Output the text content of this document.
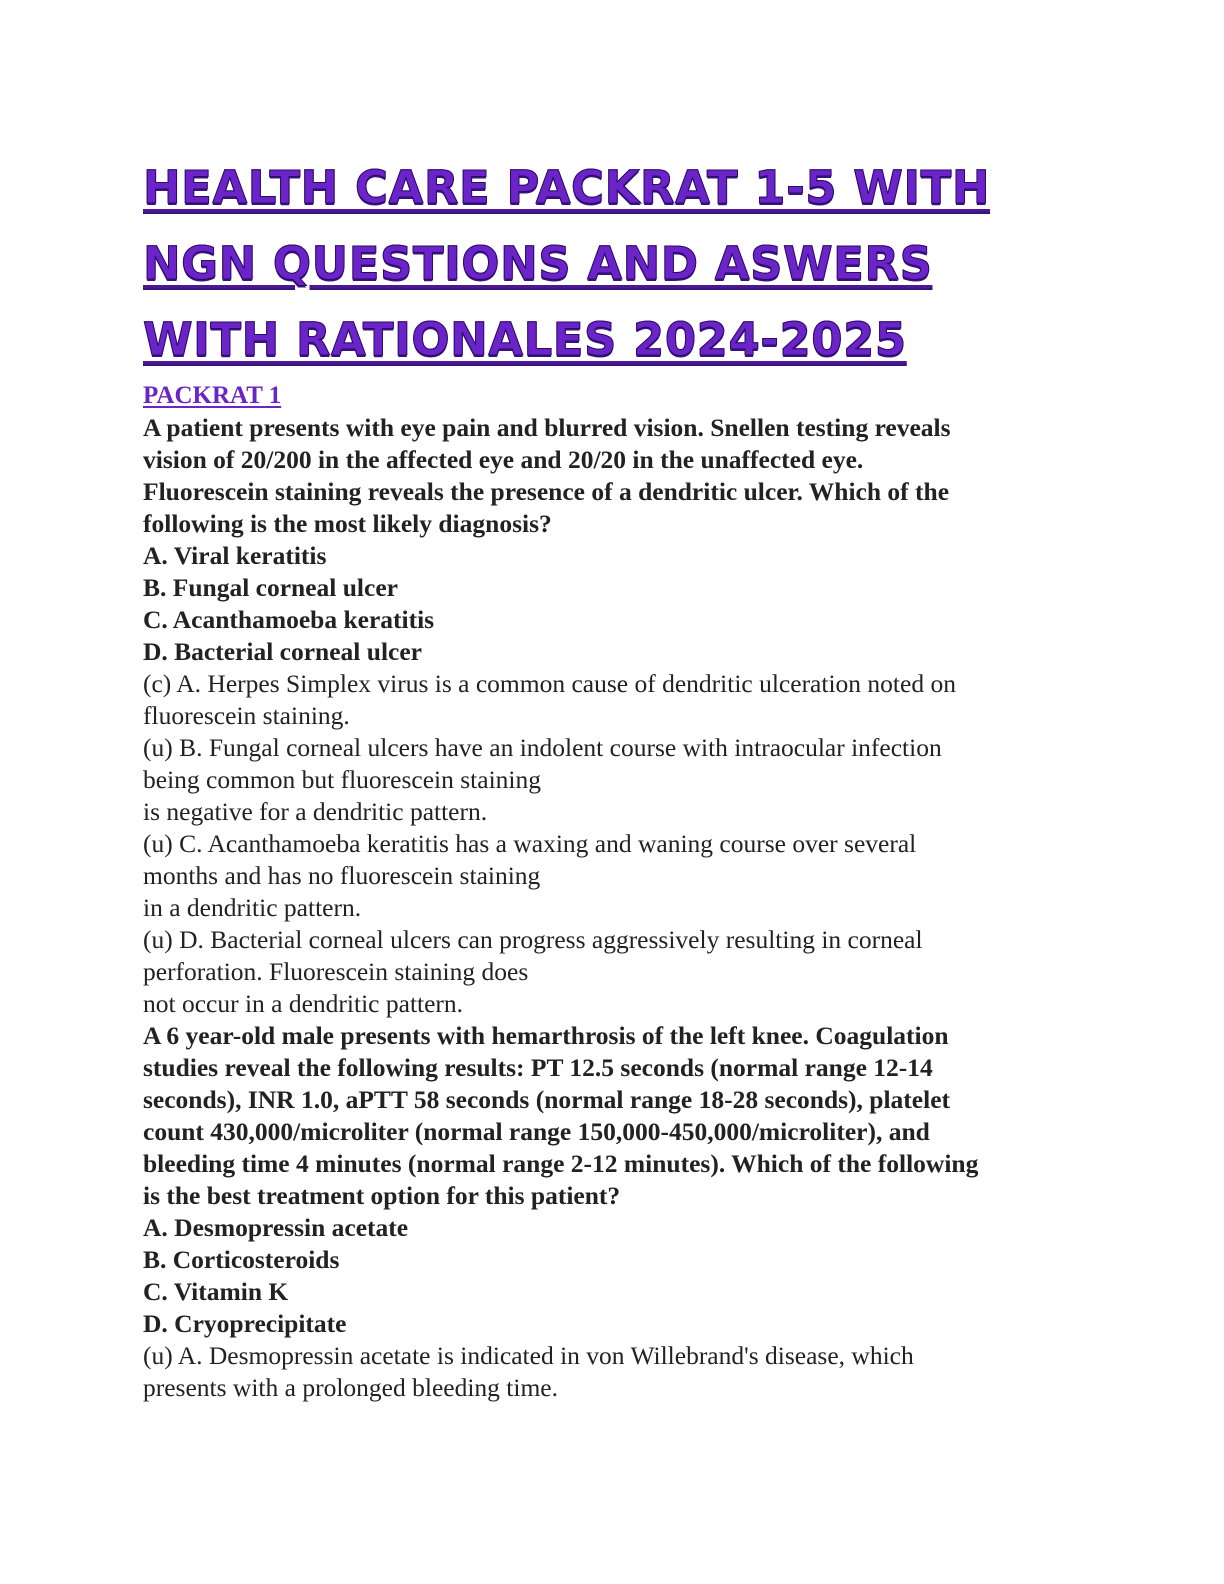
HEALTH CARE PACKRAT 1-5 WITH
NGN QUESTIONS AND ASWERS
WITH RATIONALES 2024-2025
PACKRAT 1
A patient presents with eye pain and blurred vision. Snellen testing reveals
vision of 20/200 in the affected eye and 20/20 in the unaffected eye.
Fluorescein staining reveals the presence of a dendritic ulcer. Which of the
following is the most likely diagnosis?
A. Viral keratitis
B. Fungal corneal ulcer
C. Acanthamoeba keratitis
D. Bacterial corneal ulcer
(c) A. Herpes Simplex virus is a common cause of dendritic ulceration noted on
fluorescein staining.
(u) B. Fungal corneal ulcers have an indolent course with intraocular infection
being common but fluorescein staining
is negative for a dendritic pattern.
(u) C. Acanthamoeba keratitis has a waxing and waning course over several
months and has no fluorescein staining
in a dendritic pattern.
(u) D. Bacterial corneal ulcers can progress aggressively resulting in corneal
perforation. Fluorescein staining does
not occur in a dendritic pattern.
A 6 year-old male presents with hemarthrosis of the left knee. Coagulation
studies reveal the following results: PT 12.5 seconds (normal range 12-14
seconds), INR 1.0, aPTT 58 seconds (normal range 18-28 seconds), platelet
count 430,000/microliter (normal range 150,000-450,000/microliter), and
bleeding time 4 minutes (normal range 2-12 minutes). Which of the following
is the best treatment option for this patient?
A. Desmopressin acetate
B. Corticosteroids
C. Vitamin K
D. Cryoprecipitate
(u) A. Desmopressin acetate is indicated in von Willebrand's disease, which
presents with a prolonged bleeding time.
